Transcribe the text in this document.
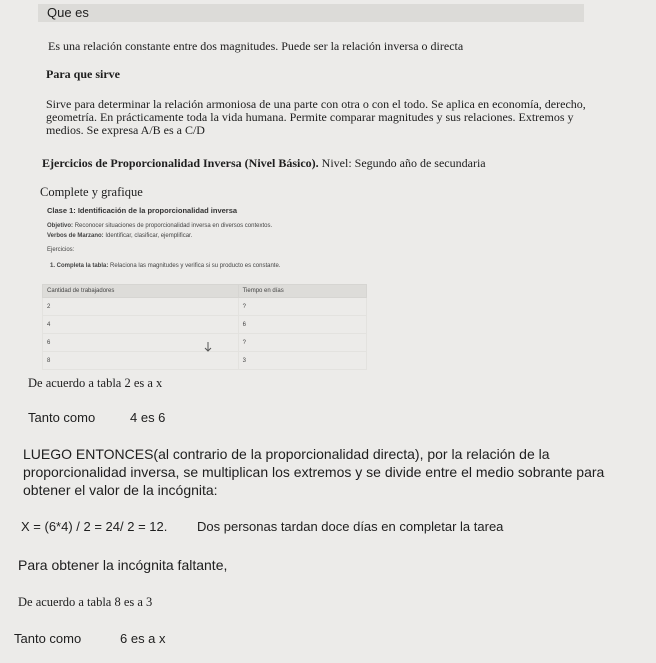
Que es
Es una relación constante entre dos magnitudes. Puede ser la relación inversa o directa
Para que sirve
Sirve para determinar la relación armoniosa de una parte con otra o con el todo. Se aplica en economía, derecho, geometría. En prácticamente toda la vida humana. Permite comparar magnitudes y sus relaciones. Extremos y medios. Se expresa A/B es a C/D
Ejercicios de Proporcionalidad Inversa (Nivel Básico). Nivel: Segundo año de secundaria
Complete y grafique
Clase 1: Identificación de la proporcionalidad inversa
Objetivo: Reconocer situaciones de proporcionalidad inversa en diversos contextos.
Verbos de Marzano: Identificar, clasificar, ejemplificar.
Ejercicios:
1. Completa la tabla: Relaciona las magnitudes y verifica si su producto es constante.
Cantidad de trabajadores	Tiempo en días
2	?
4	6
6	?
8	3
De acuerdo a tabla 2 es a x
Tanto como	4 es 6
LUEGO ENTONCES(al contrario de la proporcionalidad directa), por la relación de la proporcionalidad inversa, se multiplican los extremos y se divide entre el medio sobrante para obtener el valor de la incógnita:
X = (6*4) / 2 = 24/ 2 = 12. Dos personas tardan doce días en completar la tarea
Para obtener la incógnita faltante,
De acuerdo a tabla 8 es a 3
Tanto como	6 es a x
